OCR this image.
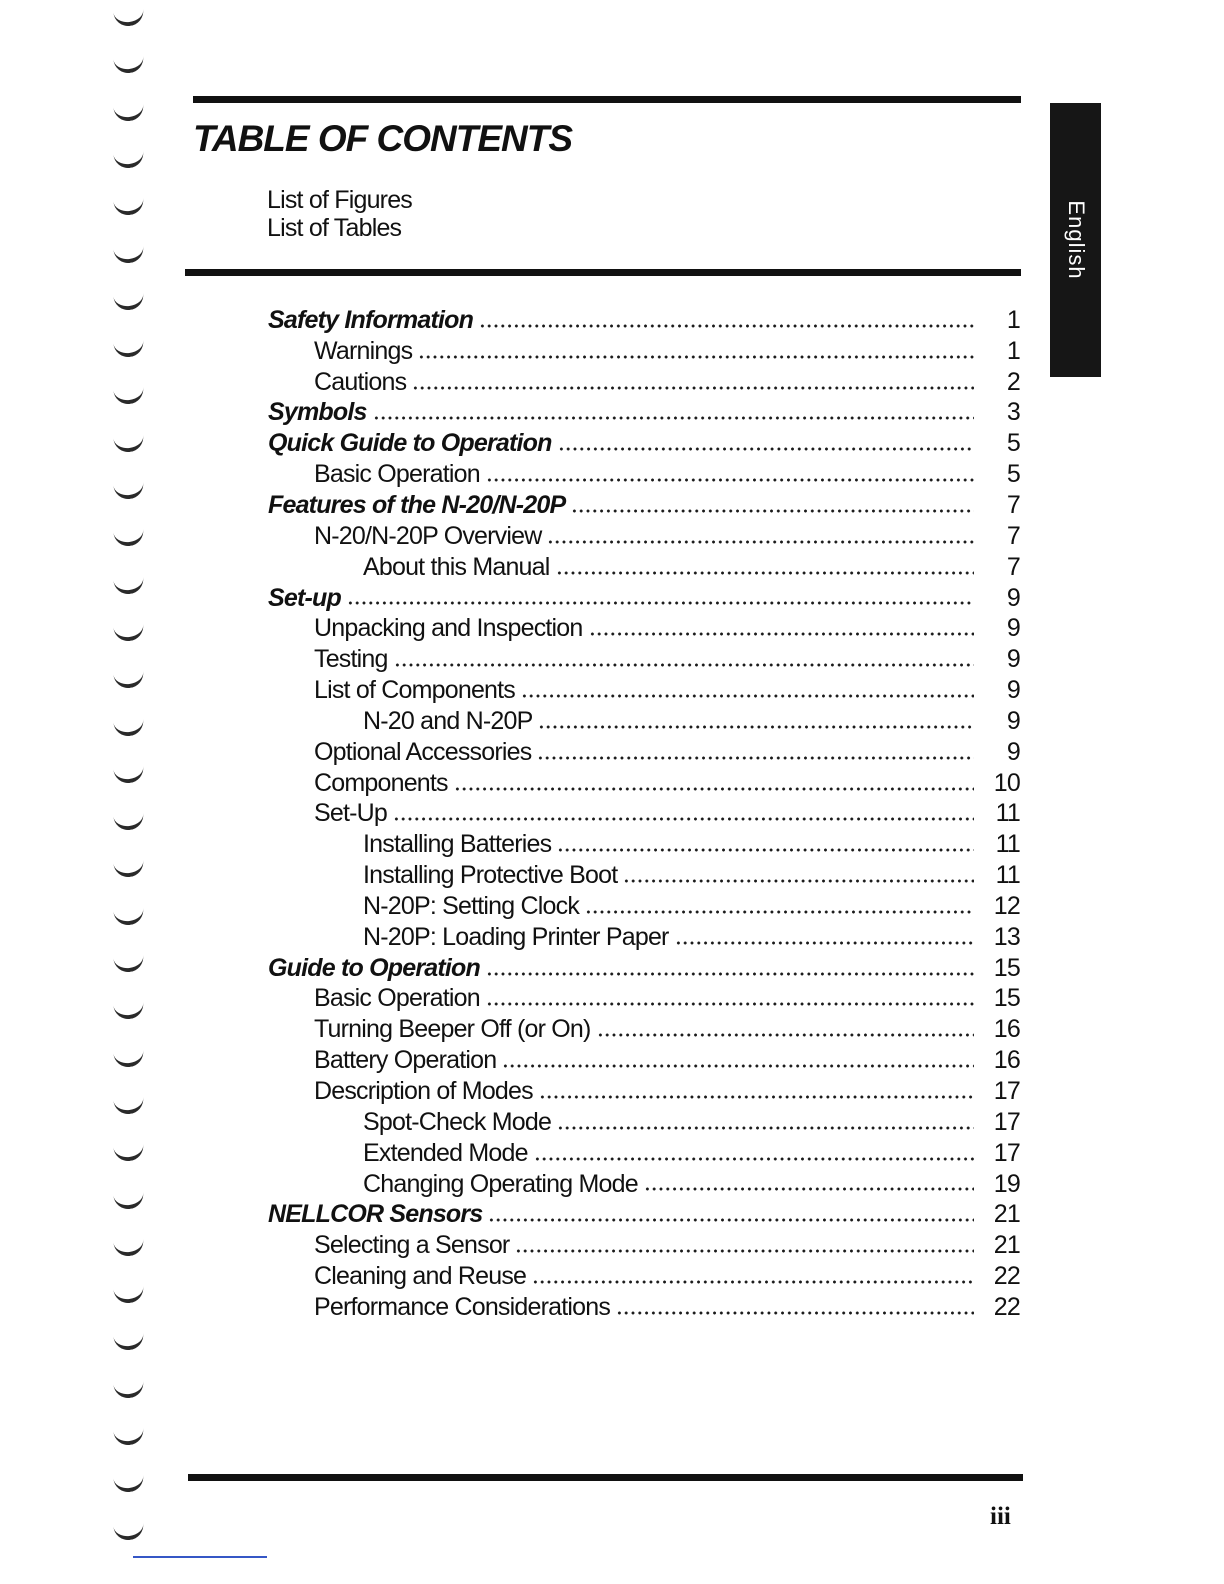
TABLE OF CONTENTS
List of Figures
List of Tables	English
Safety Information	1
Warnings	1
Cautions	2
Symbols	3
Quick Guide to Operation	5
Basic Operation	5
Features of the N-20/N-20P	7
N-20/N-20P Overview	7
About this Manual	7
Set-up	9
Unpacking and Inspection	9
Testing	9
List of Components	9
N-20 and N-20P	9
Optional Accessories	9
Components	10
Set-Up	11
Installing Batteries	11
Installing Protective Boot	11
N-20P: Setting Clock	12
N-20P: Loading Printer Paper	13
Guide to Operation	15
Basic Operation	15
Turning Beeper Off (or On)	16
Battery Operation	16
Description of Modes	17
Spot-Check Mode	17
Extended Mode	17
Changing Operating Mode	19
NELLCOR Sensors	21
Selecting a Sensor	21
Cleaning and Reuse	22
Performance Considerations	22
iii
